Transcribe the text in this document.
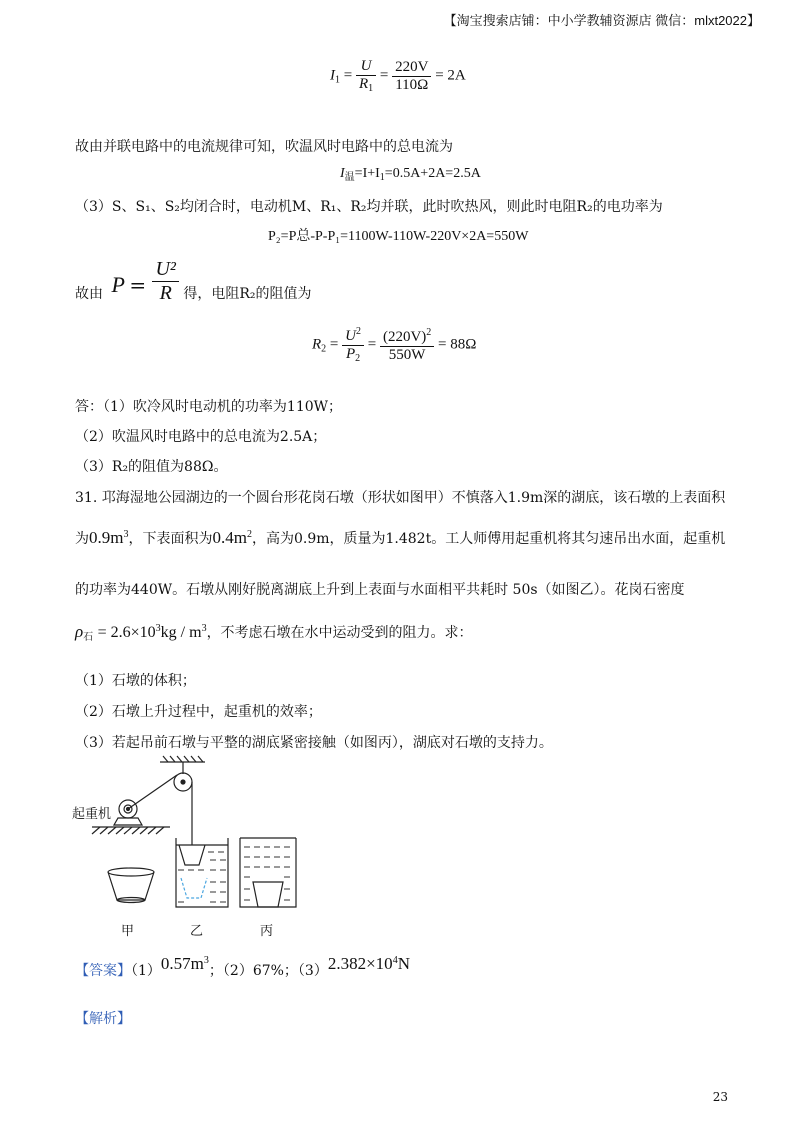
【淘宝搜索店铺：中小学教辅资源店 微信：mlxt2022】
$I_1 = \frac{U}{R_1} = \frac{220V}{110\Omega} = 2A$
故由并联电路中的电流规律可知，吹温风时电路中的总电流为
$I_温=I+I_1=0.5A+2A=2.5A$
（3）S、S₁、S₂均闭合时，电动机M、R₁、R₂均并联，此时吹热风，则此时电阻R₂的电功率为
P₂=P总-P-P₁=1100W-110W-220V×2A=550W
故由 $P = \frac{\text{U²}}{R}$ 得，电阻R₂的阻值为
$R_2 = \frac{U^2}{P_2} = \frac{(220V)^2}{550W} = 88\Omega$
答：（1）吹冷风时电动机的功率为110W；
（2）吹温风时电路中的总电流为2.5A；
（3）R₂的阻值为88Ω。
31. 邛海湿地公园湖边的一个圆台形花岗石墩（形状如图甲）不慎落入1.9m深的湖底，该石墩的上表面积
为$0.9m^3$，下表面积为$0.4m^2$，高为0.9m，质量为1.482t。工人师傅用起重机将其匀速吊出水面，起重机
的功率为440W。石墩从刚好脱离湖底上升到上表面与水面相平共耗时 50s（如图乙）。花岗石密度
$\rho_石 = 2.6\times 10^3kg / m^3$，不考虑石墩在水中运动受到的阻力。求：
（1）石墩的体积；
（2）石墩上升过程中，起重机的效率；
（3）若起吊前石墩与平整的湖底紧密接触（如图丙），湖底对石墩的支持力。
起重机
甲	乙	丙
【答案】$(1)0.57m^3$；（2）67%；$(3)2.382\times 10^4N$
【解析】
23
